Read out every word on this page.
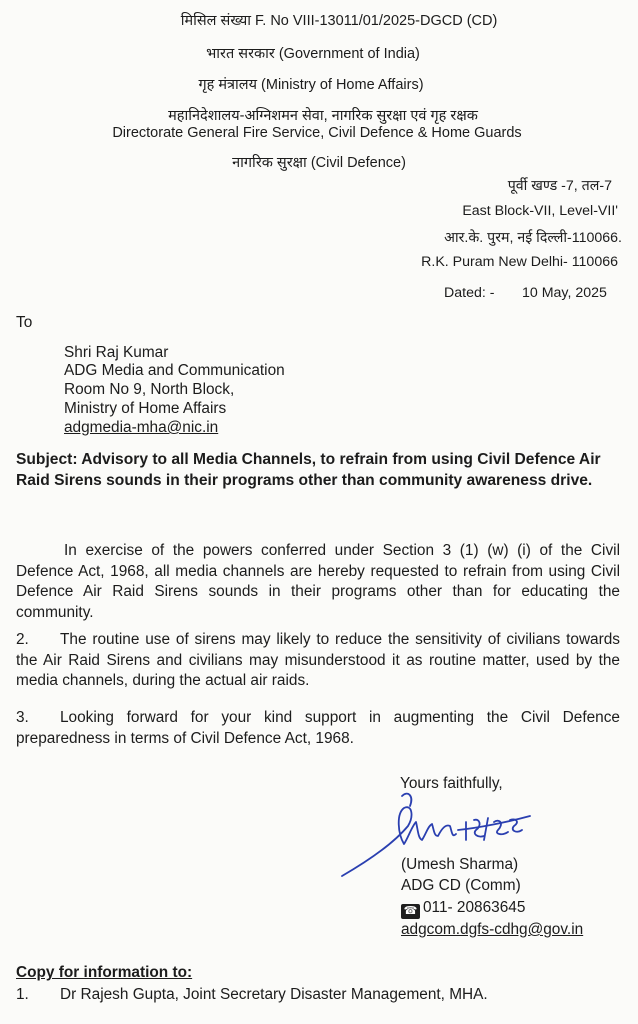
मिसिल संख्या F. No VIII-13011/01/2025-DGCD (CD)
भारत सरकार (Government of India)
गृह मंत्रालय (Ministry of Home Affairs)
महानिदेशालय-अग्निशमन सेवा, नागरिक सुरक्षा एवं गृह रक्षक
Directorate General Fire Service, Civil Defence & Home Guards
नागरिक सुरक्षा (Civil Defence)
पूर्वी खण्ड -7, तल-7
East Block-VII, Level-VII'
आर.के. पुरम, नई दिल्ली-110066.
R.K. Puram New Delhi- 110066
Dated: - 10 May, 2025
To
Shri Raj Kumar
ADG Media and Communication
Room No 9, North Block,
Ministry of Home Affairs
adgmedia-mha@nic.in
Subject: Advisory to all Media Channels, to refrain from using Civil Defence Air Raid Sirens sounds in their programs other than community awareness drive.
In exercise of the powers conferred under Section 3 (1) (w) (i) of the Civil Defence Act, 1968, all media channels are hereby requested to refrain from using Civil Defence Air Raid Sirens sounds in their programs other than for educating the community.
2. The routine use of sirens may likely to reduce the sensitivity of civilians towards the Air Raid Sirens and civilians may misunderstood it as routine matter, used by the media channels, during the actual air raids.
3. Looking forward for your kind support in augmenting the Civil Defence preparedness in terms of Civil Defence Act, 1968.
Yours faithfully,
(Umesh Sharma)
ADG CD (Comm)
☎ 011- 20863645
adgcom.dgfs-cdhg@gov.in
Copy for information to:
1. Dr Rajesh Gupta, Joint Secretary Disaster Management, MHA.
